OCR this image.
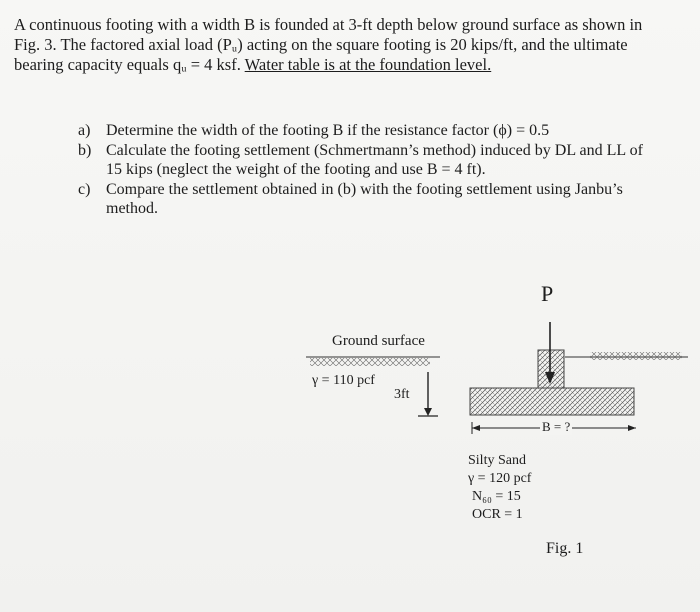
A continuous footing with a width B is founded at 3-ft depth below ground surface as shown in
Fig. 3. The factored axial load (Pᵤ) acting on the square footing is 20 kips/ft, and the ultimate
bearing capacity equals qᵤ = 4 ksf. Water table is at the foundation level.
a) Determine the width of the footing B if the resistance factor (ϕ) = 0.5
b) Calculate the footing settlement (Schmertmann’s method) induced by DL and LL of
15 kips (neglect the weight of the footing and use B = 4 ft).
c) Compare the settlement obtained in (b) with the footing settlement using Janbu’s
method.
P
Ground surface
γ = 110 pcf
3ft
B = ?
Silty Sand
γ = 120 pcf
N₆₀ = 15
OCR = 1
Fig. 1
